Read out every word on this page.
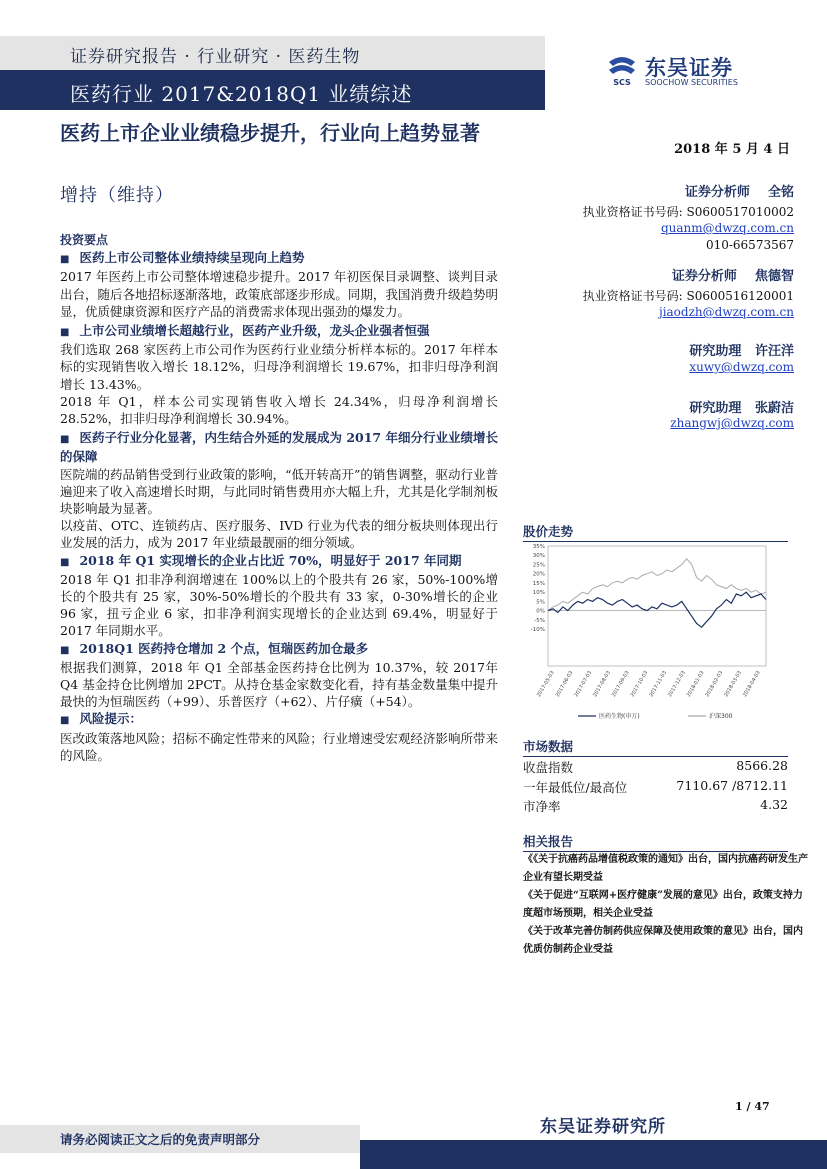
证券研究报告 · 行业研究 · 医药生物
医药行业 2017&2018Q1 业绩综述	SCS
东吴证券
SOOCHOW SECURITIES
医药上市企业业绩稳步提升，行业向上趋势显著
增持（维持）
2018 年 5 月 4 日
证券分析师 全铭
执业资格证书号码: S0600517010002
quanm@dwzq.com.cn
010-66573567
证券分析师 焦德智
执业资格证书号码: S0600516120001
jiaodzh@dwzq.com.cn
研究助理 许汪洋
xuwy@dwzq.com
研究助理 张蔚洁
zhangwj@dwzq.com
投资要点
■ 医药上市公司整体业绩持续呈现向上趋势
2017 年医药上市公司整体增速稳步提升。2017 年初医保目录调整、谈判目录出台，随后各地招标逐渐落地，政策底部逐步形成。同期，我国消费升级趋势明显，优质健康资源和医疗产品的消费需求体现出强劲的爆发力。
■ 上市公司业绩增长超越行业，医药产业升级，龙头企业强者恒强
我们选取 268 家医药上市公司作为医药行业业绩分析样本标的。2017 年样本标的实现销售收入增长 18.12%，归母净利润增长 19.67%，扣非归母净利润增长 13.43%。
2018 年 Q1，样本公司实现销售收入增长 24.34%，归母净利润增长 28.52%，扣非归母净利润增长 30.94%。
■ 医药子行业分化显著，内生结合外延的发展成为 2017 年细分行业业绩增长的保障
医院端的药品销售受到行业政策的影响，“低开转高开”的销售调整，驱动行业普遍迎来了收入高速增长时期，与此同时销售费用亦大幅上升，尤其是化学制剂板块影响最为显著。
以疫苗、OTC、连锁药店、医疗服务、IVD 行业为代表的细分板块则体现出行业发展的活力，成为 2017 年业绩最靓丽的细分领域。
■ 2018 年 Q1 实现增长的企业占比近 70%，明显好于 2017 年同期
2018 年 Q1 扣非净利润增速在 100%以上的个股共有 26 家，50%-100%增长的个股共有 25 家，30%-50%增长的个股共有 33 家，0-30%增长的企业 96 家，扭亏企业 6 家，扣非净利润实现增长的企业达到 69.4%，明显好于 2017 年同期水平。
■ 2018Q1 医药持仓增加 2 个点，恒瑞医药加仓最多
根据我们测算，2018 年 Q1 全部基金医药持仓比例为 10.37%，较 2017年 Q4 基金持仓比例增加 2PCT。从持仓基金家数变化看，持有基金数量集中提升最快的为恒瑞医药（+99）、乐普医疗（+62）、片仔癀（+54）。
■ 风险提示：
医改政策落地风险；招标不确定性带来的风险；行业增速受宏观经济影响所带来的风险。
股价走势
35%
30%
25%
20%
15%
10%
5%
0%
-5%
-10%
2017-05-03
2017-06-03
2017-07-03
2017-08-03
2017-09-03
2017-10-03
2017-11-03
2017-12-03
2018-01-03
2018-02-03
2018-03-03
2018-04-03
医药生物(申万)	沪深300
市场数据
收盘指数	8566.28
一年最低位/最高位	7110.67 /8712.11
市净率	4.32
相关报告
《《关于抗癌药品增值税政策的通知》出台，国内抗癌药研发生产企业有望长期受益
《关于促进“互联网+医疗健康”发展的意见》出台，政策支持力度超市场预期，相关企业受益
《关于改革完善仿制药供应保障及使用政策的意见》出台，国内优质仿制药企业受益
1 / 47
东吴证券研究所
请务必阅读正文之后的免责声明部分
